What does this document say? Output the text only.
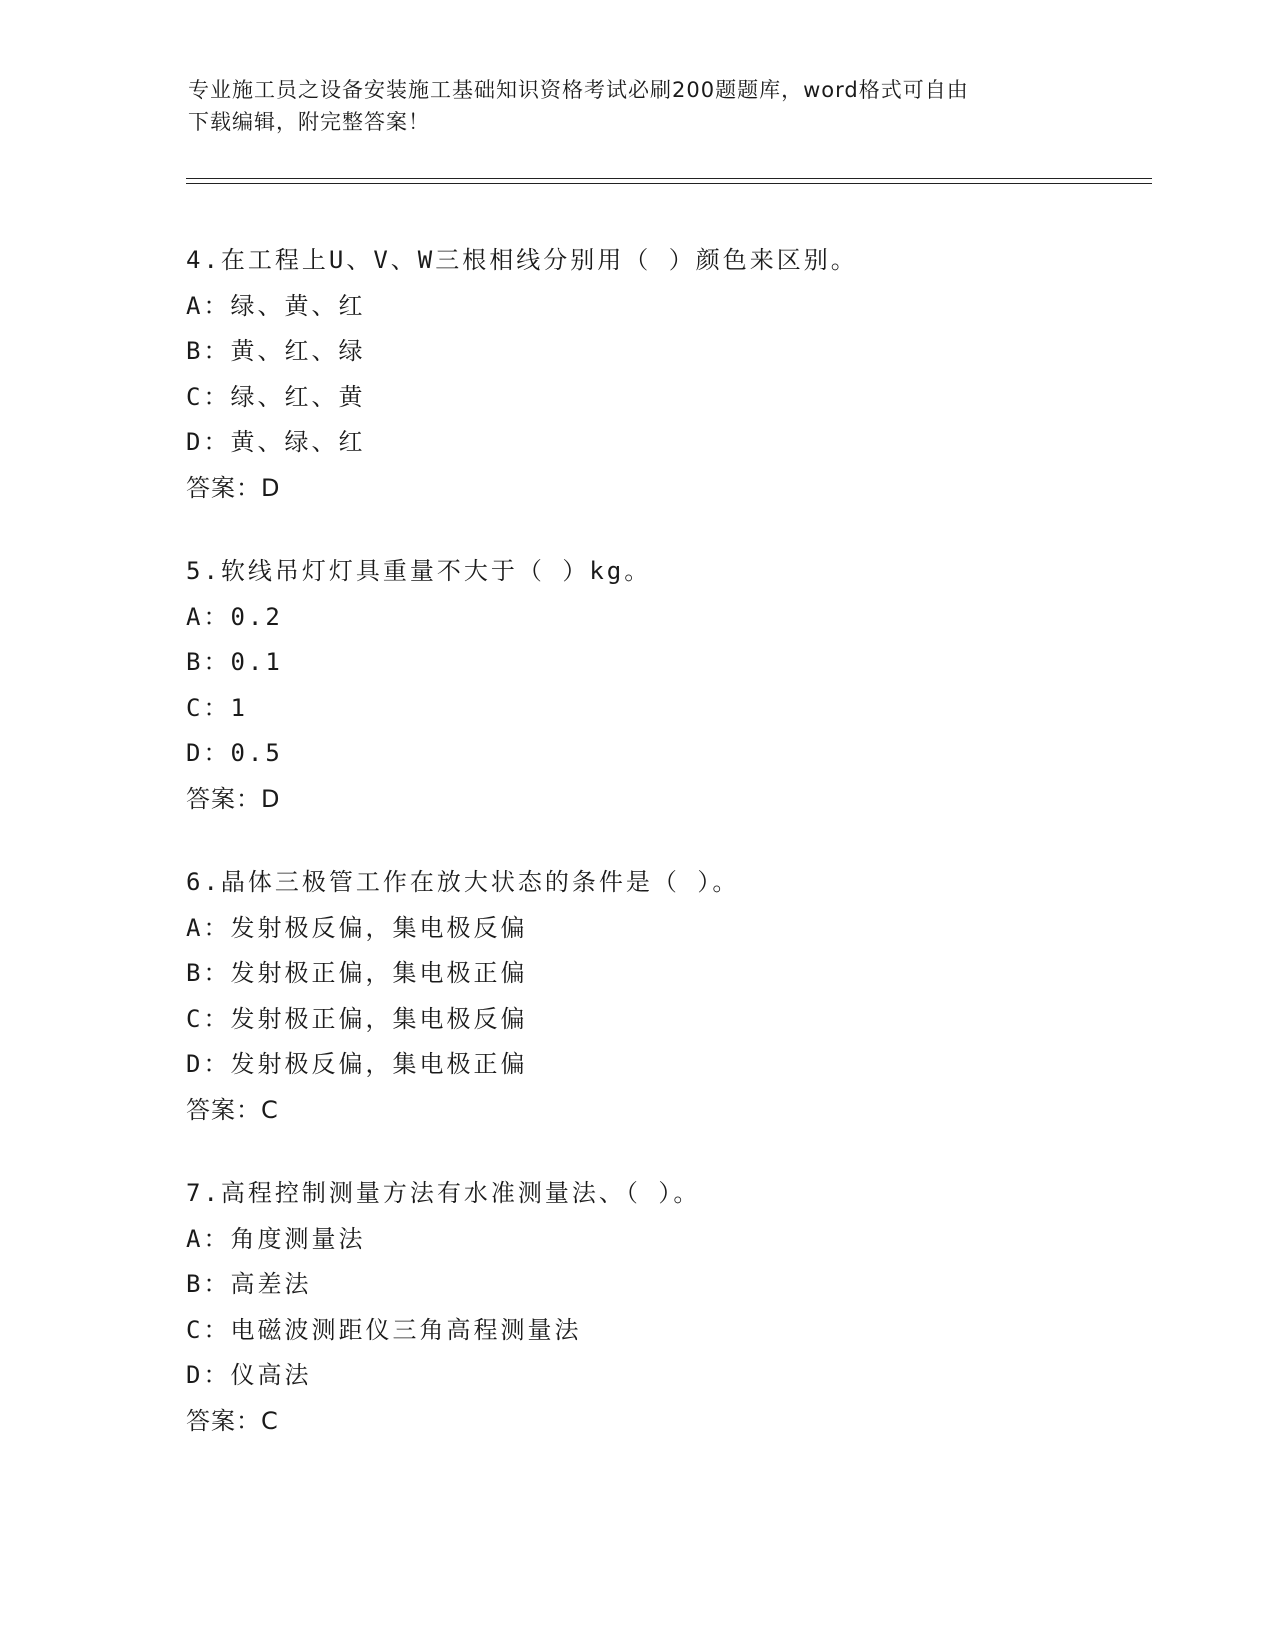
专业施工员之设备安装施工基础知识资格考试必刷200题题库，word格式可自由
下载编辑，附完整答案！
4.在工程上U、V、W三根相线分别用（ ）颜色来区别。
A：绿、黄、红
B：黄、红、绿
C：绿、红、黄
D：黄、绿、红
答案：D
5.软线吊灯灯具重量不大于（ ）kg。
A：0.2
B：0.1
C：1
D：0.5
答案：D
6.晶体三极管工作在放大状态的条件是（ ）。
A：发射极反偏，集电极反偏
B：发射极正偏，集电极正偏
C：发射极正偏，集电极反偏
D：发射极反偏，集电极正偏
答案：C
7.高程控制测量方法有水准测量法、（ ）。
A：角度测量法
B：高差法
C：电磁波测距仪三角高程测量法
D：仪高法
答案：C
